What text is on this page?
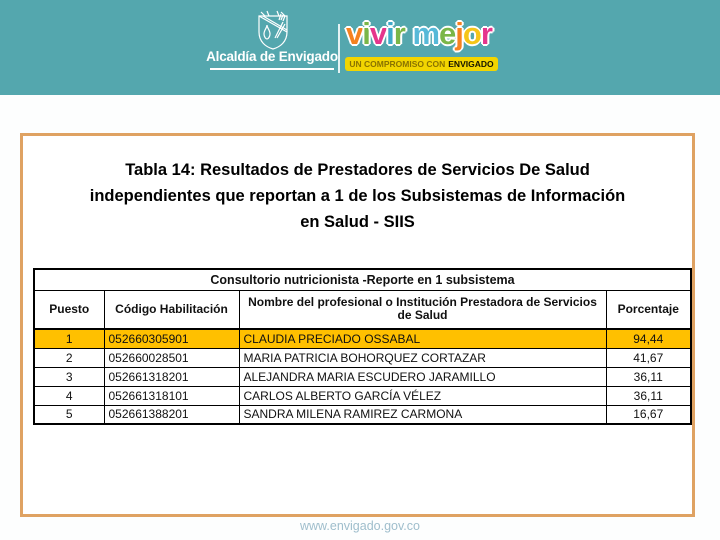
Alcaldía de Envigado
vivir mejor
UN COMPROMISO CON ENVIGADO
Tabla 14: Resultados de Prestadores de Servicios De Salud
independientes que reportan a 1 de los Subsistemas de Información
en Salud - SIIS
Consultorio nutricionista -Reporte en 1 subsistema			
Puesto	Código Habilitación	Nombre del profesional o Institución Prestadora de Servicios de Salud	Porcentaje
1	052660305901	CLAUDIA PRECIADO OSSABAL	94,44
2	052660028501	MARIA PATRICIA BOHORQUEZ CORTAZAR	41,67
3	052661318201	ALEJANDRA MARIA ESCUDERO JARAMILLO	36,11
4	052661318101	CARLOS ALBERTO GARCÍA VÉLEZ	36,11
5	052661388201	SANDRA MILENA RAMIREZ CARMONA	16,67
www.envigado.gov.co
